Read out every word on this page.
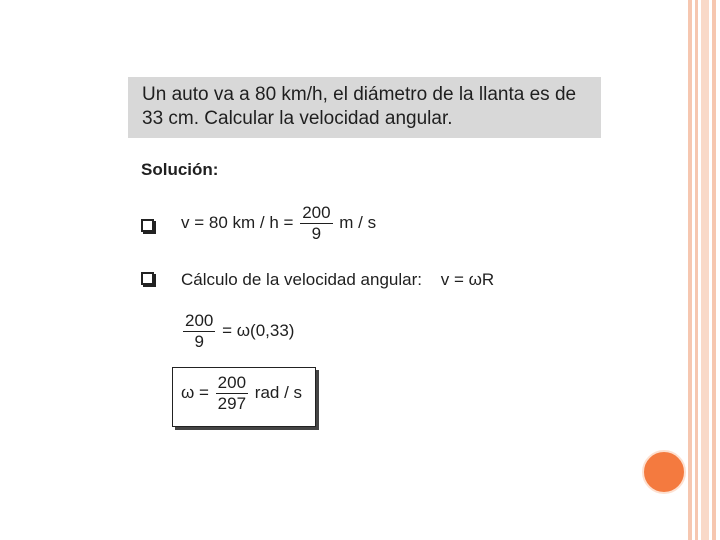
Un auto va a 80 km/h, el diámetro de la llanta es de
33 cm. Calcular la velocidad angular.
Solución:
v = 80 km / $h = \frac{200}{9}$ m / s
Cálculo de la velocidad angular: v = ωR
$\frac{200}{9} = \omega(0,33)$
$\omega = \frac{200}{297}$ rad / s
